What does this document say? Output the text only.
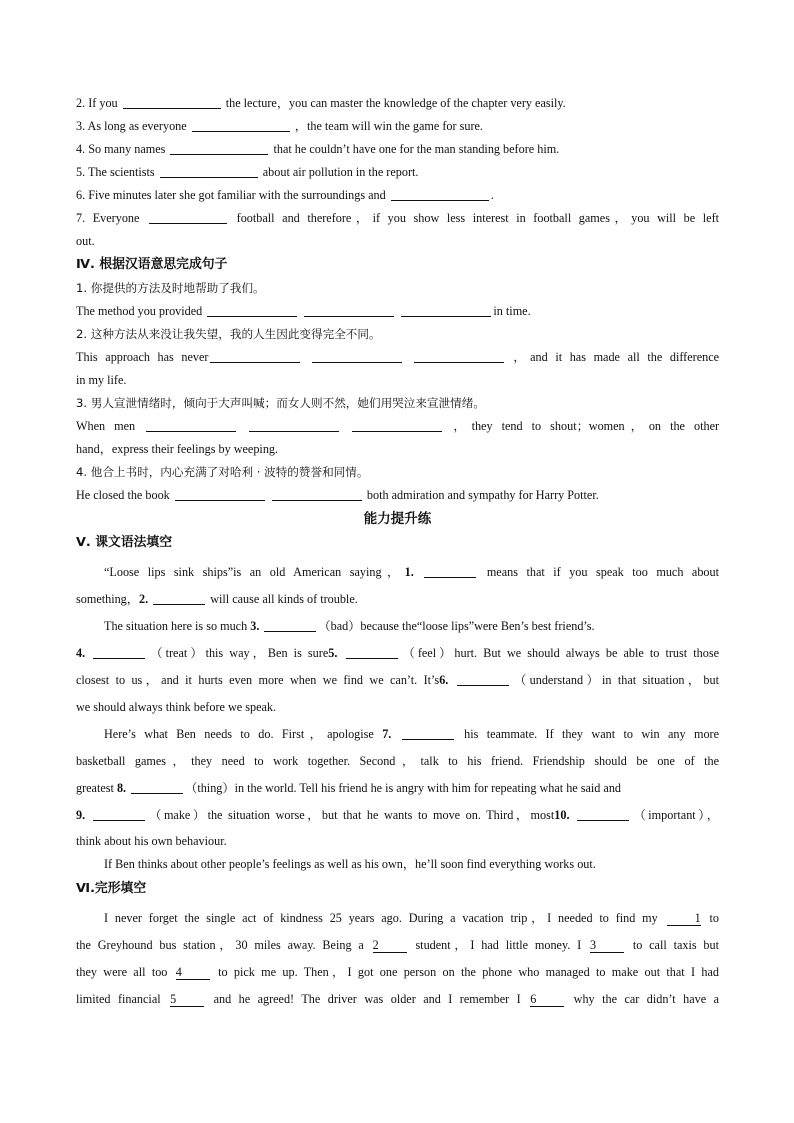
2. If you	the lecture，you can master the knowledge of the chapter very easily.
3. As long as everyone	，the team will win the game for sure.
4. So many names	that he couldn’t have one for the man standing before him.
5. The scientists	about air pollution in the report.
6. Five minutes later she got familiar with the surroundings and	.
7. Everyone	football and therefore，if you show less interest in football games，you will be left
out.
Ⅳ. 根据汉语意思完成句子
1. 你提供的方法及时地帮助了我们。
The method you provided	in time.
2. 这种方法从来没让我失望，我的人生因此变得完全不同。
This approach has never	，and it has made all the difference
in my life.
3. 男人宣泄情绪时，倾向于大声叫喊；而女人则不然，她们用哭泣来宣泄情绪。
When men	，they tend to shout；women，on the other
hand，express their feelings by weeping.
4. 他合上书时，内心充满了对哈利 · 波特的赞誉和同情。
He closed the book	both admiration and sympathy for Harry Potter.
能力提升练
Ⅴ. 课文语法填空
“Loose lips sink ships”is an old American saying，1.	means that if you speak too much about
something，2.	will cause all kinds of trouble.
The situation here is so much 3.	（bad）because the“loose lips”were Ben’s best friend’s.
4.	（treat）this way，Ben is sure5.	（feel）hurt. But we should always be able to trust those
closest to us，and it hurts even more when we find we can’t. It’s6.	（understand）in that situation，but
we should always think before we speak.
Here’s what Ben needs to do. First，apologise 7.	his teammate. If they want to win any more
basketball games，they need to work together. Second，talk to his friend. Friendship should be one of the
greatest 8.	（thing）in the world. Tell his friend he is angry with him for repeating what he said and
9.	（make）the situation worse，but that he wants to move on. Third，most10.	（important），
think about his own behaviour.
If Ben thinks about other people’s feelings as well as his own，he’ll soon find everything works out.
Ⅵ.完形填空
I never forget the single act of kindness 25 years ago. During a vacation trip，I needed to find my	1 to
the Greyhound bus station，30 miles away. Being a 2	student，I had little money. I 3	to call taxis but
they were all too 4	to pick me up. Then，I got one person on the phone who managed to make out that I had
limited financial 5	and he agreed! The driver was older and I remember I 6	why the car didn’t have a
